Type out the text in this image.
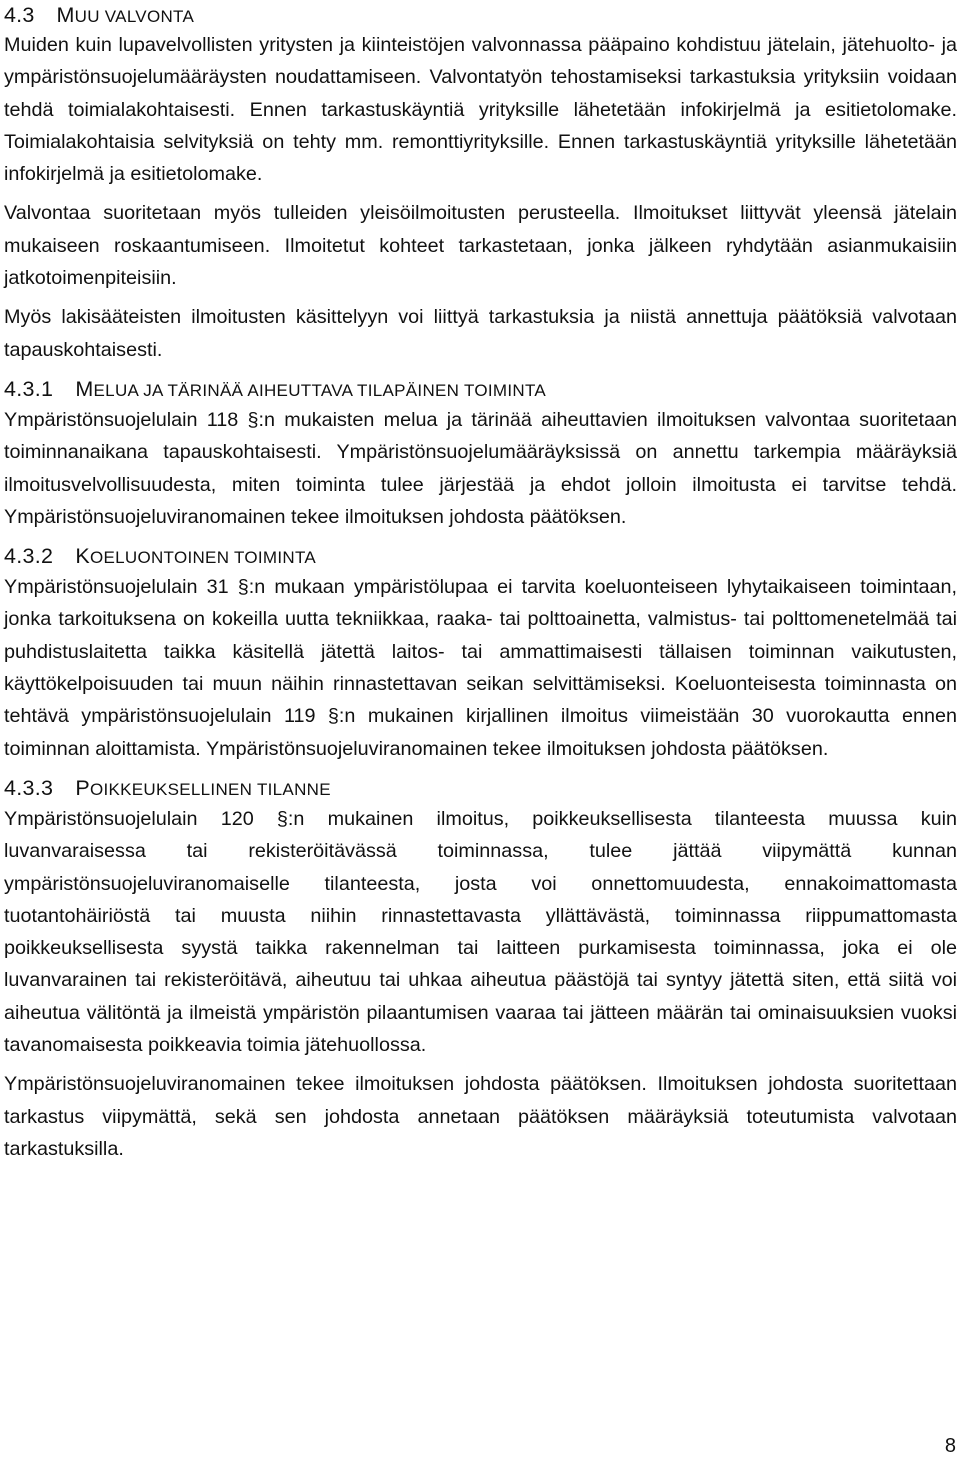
4.3 MUU VALVONTA

Muiden kuin lupavelvollisten yritysten ja kiinteistöjen valvonnassa pääpaino kohdistuu jätelain, jätehuolto- ja ympäristönsuojelumääräysten noudattamiseen. Valvontatyön tehostamiseksi tarkastuksia yrityksiin voidaan tehdä toimialakohtaisesti. Ennen tarkastuskäyntiä yrityksille lähetetään infokirjelmä ja esitietolomake. Toimialakohtaisia selvityksiä on tehty mm. remonttiyrityksille. Ennen tarkastuskäyntiä yrityksille lähetetään infokirjelmä ja esitietolomake.

Valvontaa suoritetaan myös tulleiden yleisöilmoitusten perusteella. Ilmoitukset liittyvät yleensä jätelain mukaiseen roskaantumiseen. Ilmoitetut kohteet tarkastetaan, jonka jälkeen ryhdytään asianmukaisiin jatkotoimenpiteisiin.

Myös lakisääteisten ilmoitusten käsittelyyn voi liittyä tarkastuksia ja niistä annettuja päätöksiä valvotaan tapauskohtaisesti.

4.3.1 MELUA JA TÄRINÄÄ AIHEUTTAVA TILAPÄINEN TOIMINTA

Ympäristönsuojelulain 118 §:n mukaisten melua ja tärinää aiheuttavien ilmoituksen valvontaa suoritetaan toiminnanaikana tapauskohtaisesti. Ympäristönsuojelumääräyksissä on annettu tarkempia määräyksiä ilmoitusvelvollisuudesta, miten toiminta tulee järjestää ja ehdot jolloin ilmoitusta ei tarvitse tehdä. Ympäristönsuojeluviranomainen tekee ilmoituksen johdosta päätöksen.

4.3.2 KOELUONTOINEN TOIMINTA

Ympäristönsuojelulain 31 §:n mukaan ympäristölupaa ei tarvita koeluonteiseen lyhytaikaiseen toimintaan, jonka tarkoituksena on kokeilla uutta tekniikkaa, raaka- tai polttoainetta, valmistus- tai polttomenetelmää tai puhdistuslaitetta taikka käsitellä jätettä laitos- tai ammattimaisesti tällaisen toiminnan vaikutusten, käyttökelpoisuuden tai muun näihin rinnastettavan seikan selvittämiseksi. Koeluonteisesta toiminnasta on tehtävä ympäristönsuojelulain 119 §:n mukainen kirjallinen ilmoitus viimeistään 30 vuorokautta ennen toiminnan aloittamista. Ympäristönsuojeluviranomainen tekee ilmoituksen johdosta päätöksen.

4.3.3 POIKKEUKSELLINEN TILANNE

Ympäristönsuojelulain 120 §:n mukainen ilmoitus, poikkeuksellisesta tilanteesta muussa kuin luvanvaraisessa tai rekisteröitävässä toiminnassa, tulee jättää viipymättä kunnan ympäristönsuojeluviranomaiselle tilanteesta, josta voi onnettomuudesta, ennakoimattomasta tuotantohäiriöstä tai muusta niihin rinnastettavasta yllättävästä, toiminnassa riippumattomasta poikkeuksellisesta syystä taikka rakennelman tai laitteen purkamisesta toiminnassa, joka ei ole luvanvarainen tai rekisteröitävä, aiheutuu tai uhkaa aiheutua päästöjä tai syntyy jätettä siten, että siitä voi aiheutua välitöntä ja ilmeistä ympäristön pilaantumisen vaaraa tai jätteen määrän tai ominaisuuksien vuoksi tavanomaisesta poikkeavia toimia jätehuollossa.

Ympäristönsuojeluviranomainen tekee ilmoituksen johdosta päätöksen. Ilmoituksen johdosta suoritettaan tarkastus viipymättä, sekä sen johdosta annetaan päätöksen määräyksiä toteutumista valvotaan tarkastuksilla.

8
